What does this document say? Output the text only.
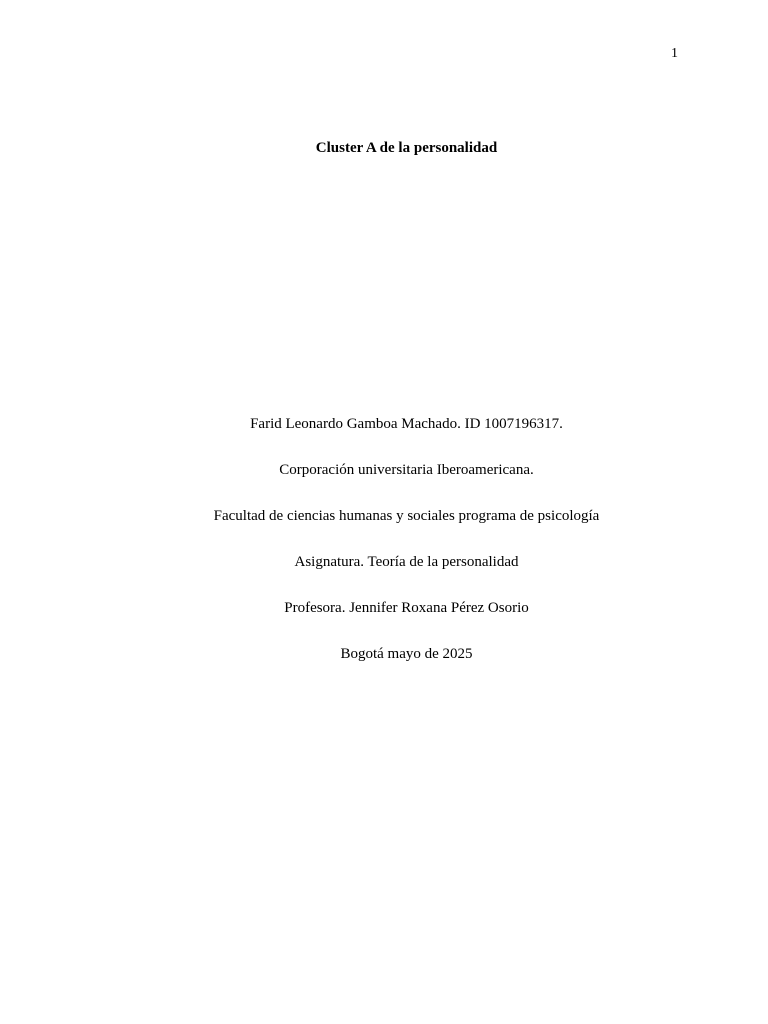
1
Cluster A de la personalidad
Farid Leonardo Gamboa Machado. ID 1007196317.
Corporación universitaria Iberoamericana.
Facultad de ciencias humanas y sociales programa de psicología
Asignatura. Teoría de la personalidad
Profesora. Jennifer Roxana Pérez Osorio
Bogotá mayo de 2025
